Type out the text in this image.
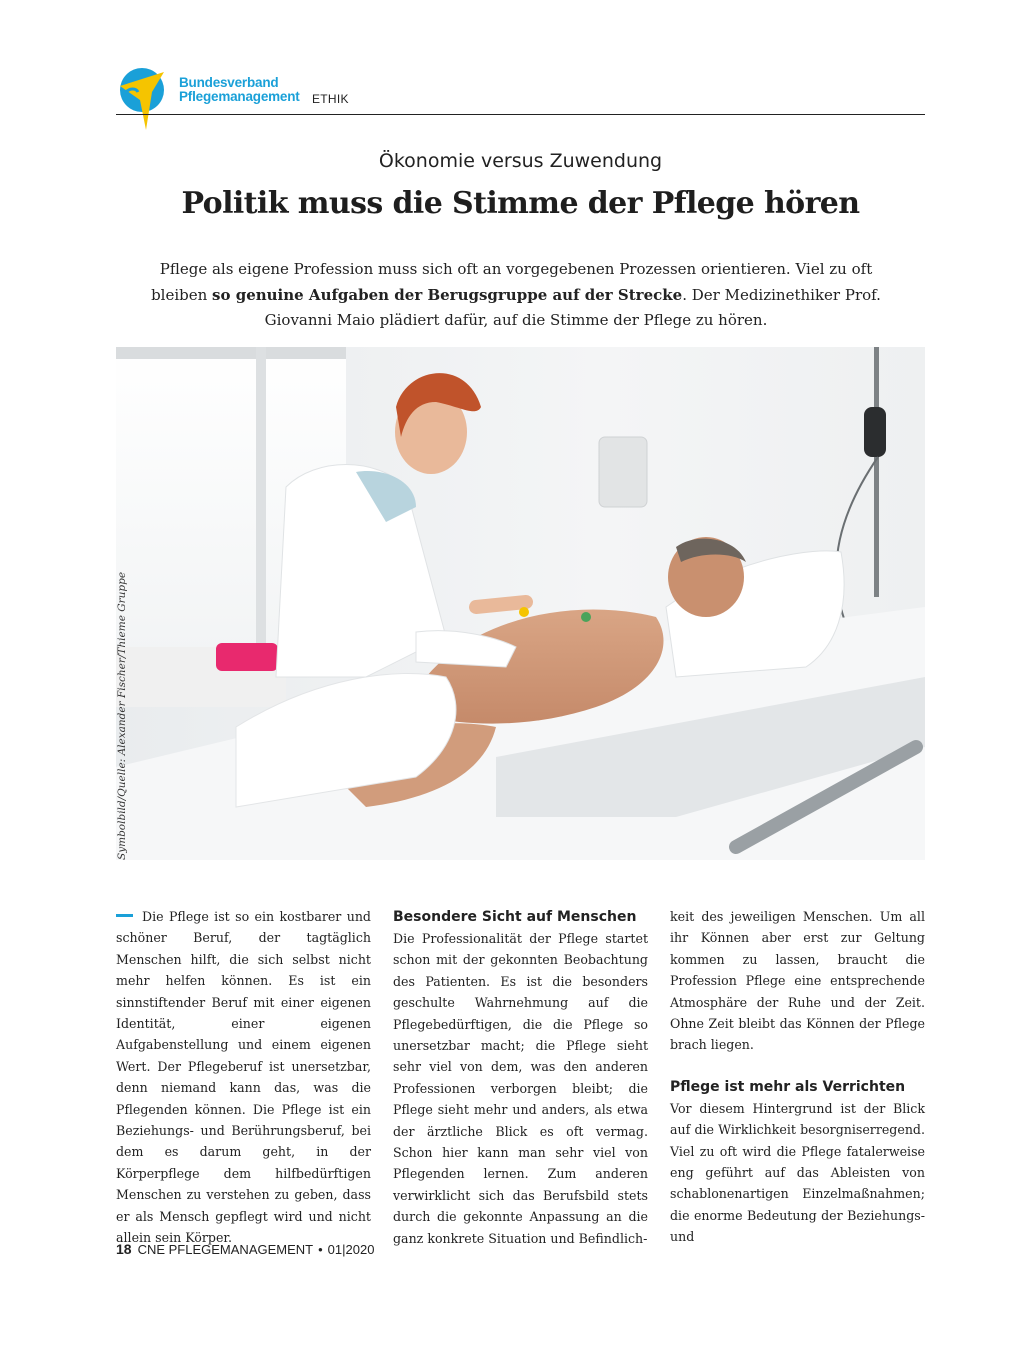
Bundesverband
Pflegemanagement ETHIK
Ökonomie versus Zuwendung
Politik muss die Stimme der Pflege hören

Pflege als eigene Profession muss sich oft an vorgegebenen Prozessen orientieren. Viel zu oft bleiben so genuine Aufgaben der Berugsgruppe auf der Strecke. Der Medizinethiker Prof. Giovanni Maio plädiert dafür, auf die Stimme der Pflege zu hören.

Symbolbild/Quelle: Alexander Fischer/Thieme Gruppe

Die Pflege ist so ein kostbarer und schöner Beruf, der tagtäglich Menschen hilft, die sich selbst nicht mehr helfen können. Es ist ein sinnstiftender Beruf mit einer eigenen Identität, einer eigenen Aufgabenstellung und einem eigenen Wert. Der Pflegeberuf ist unersetzbar, denn niemand kann das, was die Pflegenden können. Die Pflege ist ein Beziehungs- und Berührungsberuf, bei dem es darum geht, in der Körperpflege dem hilfbedürftigen Menschen zu verstehen zu geben, dass er als Mensch gepflegt wird und nicht allein sein Körper.

Besondere Sicht auf Menschen

Die Professionalität der Pflege startet schon mit der gekonnten Beobachtung des Patienten. Es ist die besonders geschulte Wahrnehmung auf die Pflegebedürftigen, die die Pflege so unersetzbar macht; die Pflege sieht sehr viel von dem, was den anderen Professionen verborgen bleibt; die Pflege sieht mehr und anders, als etwa der ärztliche Blick es oft vermag. Schon hier kann man sehr viel von Pflegenden lernen. Zum anderen verwirklicht sich das Berufsbild stets durch die gekonnte Anpassung an die ganz konkrete Situation und Befindlich-

keit des jeweiligen Menschen. Um all ihr Können aber erst zur Geltung kommen zu lassen, braucht die Profession Pflege eine entsprechende Atmosphäre der Ruhe und der Zeit. Ohne Zeit bleibt das Können der Pflege brach liegen.

Pflege ist mehr als Verrichten

Vor diesem Hintergrund ist der Blick auf die Wirklichkeit besorgniserregend. Viel zu oft wird die Pflege fatalerweise eng geführt auf das Ableisten von schablonenartigen Einzelmaßnahmen; die enorme Bedeutung der Beziehungs- und

18 CNE PFLEGEMANAGEMENT • 01|2020
